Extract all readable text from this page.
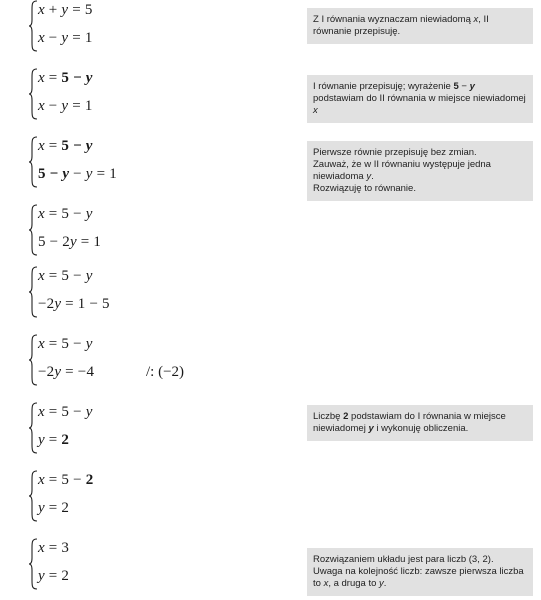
x + y = 5
x − y = 1
x = 5 − y
x − y = 1
x = 5 − y
5 − y − y = 1
x = 5 − y
5 − 2y = 1
x = 5 − y
−2y = 1 − 5
x = 5 − y
−2y = −4	/: (−2)
x = 5 − y
y = 2
x = 5 − 2
y = 2
x = 3
y = 2

Z I równania wyznaczam niewiadomą x, II równanie przepisuję.

I równanie przepisuję; wyrażenie 5 − y podstawiam do II równania w miejsce niewiadomej x

Pierwsze równie przepisuję bez zmian.
Zauważ, że w II równaniu występuje jedna niewiadoma y.
Rozwiązuję to równanie.

Liczbę 2 podstawiam do I równania w miejsce niewiadomej y i wykonuję obliczenia.

Rozwiązaniem układu jest para liczb (3, 2).
Uwaga na kolejność liczb: zawsze pierwsza liczba to x, a druga to y.
